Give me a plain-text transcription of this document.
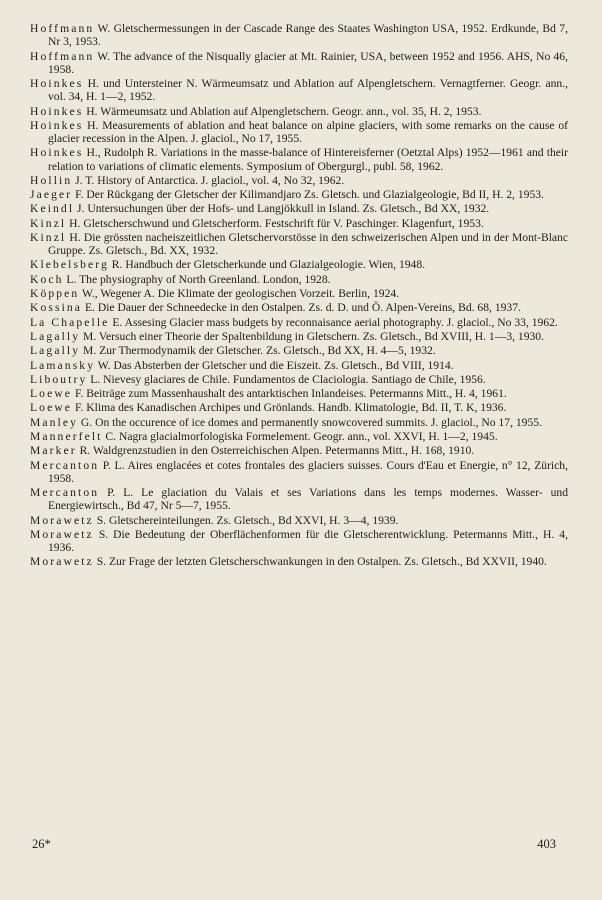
Hoffmann W. Gletschermessungen in der Cascade Range des Staates Washington USA, 1952. Erdkunde, Bd 7, Nr 3, 1953.

Hoffmann W. The advance of the Nisqually glacier at Mt. Rainier, USA, between 1952 and 1956. AHS, No 46, 1958.

Hoinkes H. und Untersteiner N. Wärmeumsatz und Ablation auf Alpengletschern. Vernagtferner. Geogr. ann., vol. 34, H. 1—2, 1952.

Hoinkes H. Wärmeumsatz und Ablation auf Alpengletschern. Geogr. ann., vol. 35, H. 2, 1953.

Hoinkes H. Measurements of ablation and heat balance on alpine glaciers, with some remarks on the cause of glacier recession in the Alpen. J. glaciol., No 17, 1955.

Hoinkes H., Rudolph R. Variations in the masse-balance of Hintereisferner (Oetztal Alps) 1952—1961 and their relation to variations of climatic elements. Symposium of Obergurgl., publ. 58, 1962.

Hollin J. T. History of Antarctica. J. glaciol., vol. 4, No 32, 1962.

Jaeger F. Der Rückgang der Gletscher der Kilimandjaro Zs. Gletsch. und Glazialgeologie, Bd II, H. 2, 1953.

Keindl J. Untersuchungen über der Hofs- und Langjökkull in Island. Zs. Gletsch., Bd XX, 1932.

Kinzl H. Gletscherschwund und Gletscherform. Festschrift für V. Paschinger. Klagenfurt, 1953.

Kinzl H. Die grössten nacheiszeitlichen Gletschervorstösse in den schweizerischen Alpen und in der Mont-Blanc Gruppe. Zs. Gletsch., Bd. XX, 1932.

Klebelsberg R. Handbuch der Gletscherkunde und Glazialgeologie. Wien, 1948.

Koch L. The physiography of North Greenland. London, 1928.

Köppen W., Wegener A. Die Klimate der geologischen Vorzeit. Berlin, 1924.

Kossina E. Die Dauer der Schneedecke in den Ostalpen. Zs. d. D. und Ö. Alpen-Vereins, Bd. 68, 1937.

La Chapelle E. Assesing Glacier mass budgets by reconnaisance aerial photography. J. glaciol., No 33, 1962.

Lagally M. Versuch einer Theorie der Spaltenbildung in Gletschern. Zs. Gletsch., Bd XVIII, H. 1—3, 1930.

Lagally M. Zur Thermodynamik der Gletscher. Zs. Gletsch., Bd XX, H. 4—5, 1932.

Lamansky W. Das Absterben der Gletscher und die Eiszeit. Zs. Gletsch., Bd VIII, 1914.

Liboutry L. Nievesy glaciares de Chile. Fundamentos de Claciologia. Santiago de Chile, 1956.

Loewe F. Beiträge zum Massenhaushalt des antarktischen Inlandeises. Petermanns Mitt., H. 4, 1961.

Loewe F. Klima des Kanadischen Archipes und Grönlands. Handb. Klimatologie, Bd. II, T. K, 1936.

Manley G. On the occurence of ice domes and permanently snowcovered summits. J. glaciol., No 17, 1955.

Mannerfelt C. Nagra glacialmorfologiska Formelement. Geogr. ann., vol. XXVI, H. 1—2, 1945.

Marker R. Waldgrenzstudien in den Osterreichischen Alpen. Petermanns Mitt., H. 168, 1910.

Mercanton P. L. Aires englacées et cotes frontales des glaciers suisses. Cours d'Eau et Energie, n° 12, Zürich, 1958.

Mercanton P. L. Le glaciation du Valais et ses Variations dans les temps modernes. Wasser- und Energiewirtsch., Bd 47, Nr 5—7, 1955.

Morawetz S. Gletschereinteilungen. Zs. Gletsch., Bd XXVI, H. 3—4, 1939.

Morawetz S. Die Bedeutung der Oberflächenformen für die Gletscherentwicklung. Petermanns Mitt., H. 4, 1936.

Morawetz S. Zur Frage der letzten Gletscherschwankungen in den Ostalpen. Zs. Gletsch., Bd XXVII, 1940.

26*	403
